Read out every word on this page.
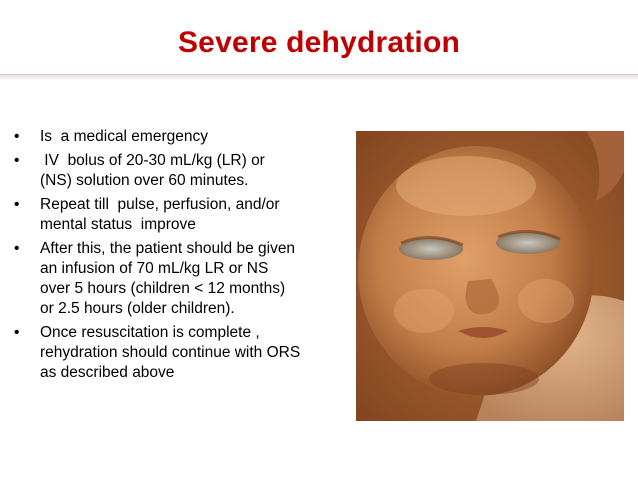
Severe dehydration
• Is  a medical emergency
• IV  bolus of 20-30 mL/kg (LR) or
(NS) solution over 60 minutes.
• Repeat till  pulse, perfusion, and/or
mental status  improve
• After this, the patient should be given
an infusion of 70 mL/kg LR or NS
over 5 hours (children < 12 months)
or 2.5 hours (older children).
• Once resuscitation is complete ,
rehydration should continue with ORS
as described above
